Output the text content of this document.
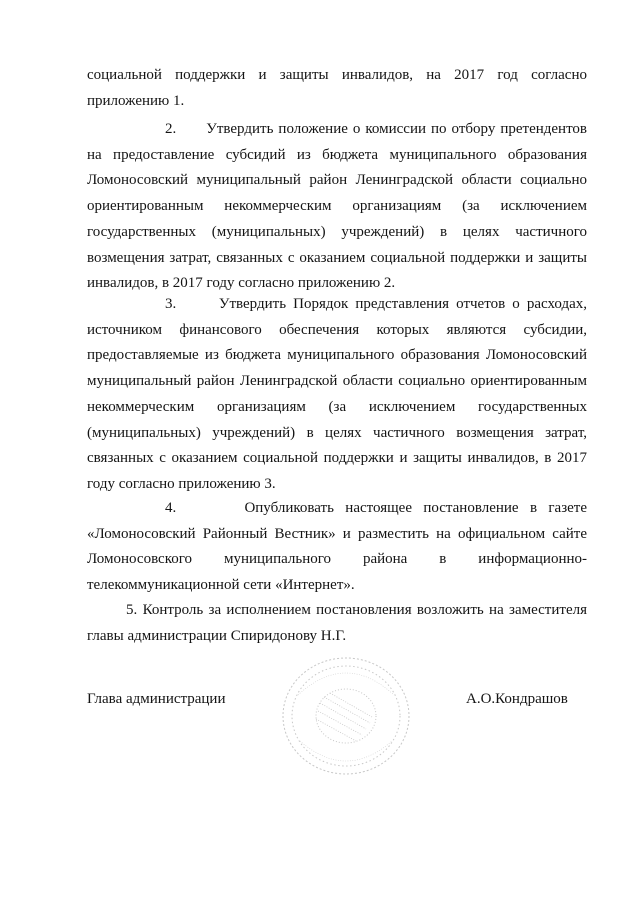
социальной поддержки и защиты инвалидов, на 2017 год согласно приложению 1.

2. Утвердить положение о комиссии по отбору претендентов на предоставление субсидий из бюджета муниципального образования Ломоносовский муниципальный район Ленинградской области социально ориентированным некоммерческим организациям (за исключением государственных (муниципальных) учреждений) в целях частичного возмещения затрат, связанных с оказанием социальной поддержки и защиты инвалидов, в 2017 году согласно приложению 2.

3.	Утвердить Порядок представления отчетов о расходах, источником финансового обеспечения которых являются субсидии, предоставляемые из бюджета муниципального образования Ломоносовский муниципальный район Ленинградской области социально ориентированным некоммерческим организациям (за исключением государственных (муниципальных) учреждений) в целях частичного возмещения затрат, связанных с оказанием социальной поддержки и защиты инвалидов, в 2017 году согласно приложению 3.

4.	Опубликовать настоящее постановление в газете «Ломоносовский Районный Вестник» и разместить на официальном сайте Ломоносовского муниципального района в информационно-телекоммуникационной сети «Интернет».

5. Контроль за исполнением постановления возложить на заместителя главы администрации Спиридонову Н.Г.

Глава администрации	А.О.Кондрашов
